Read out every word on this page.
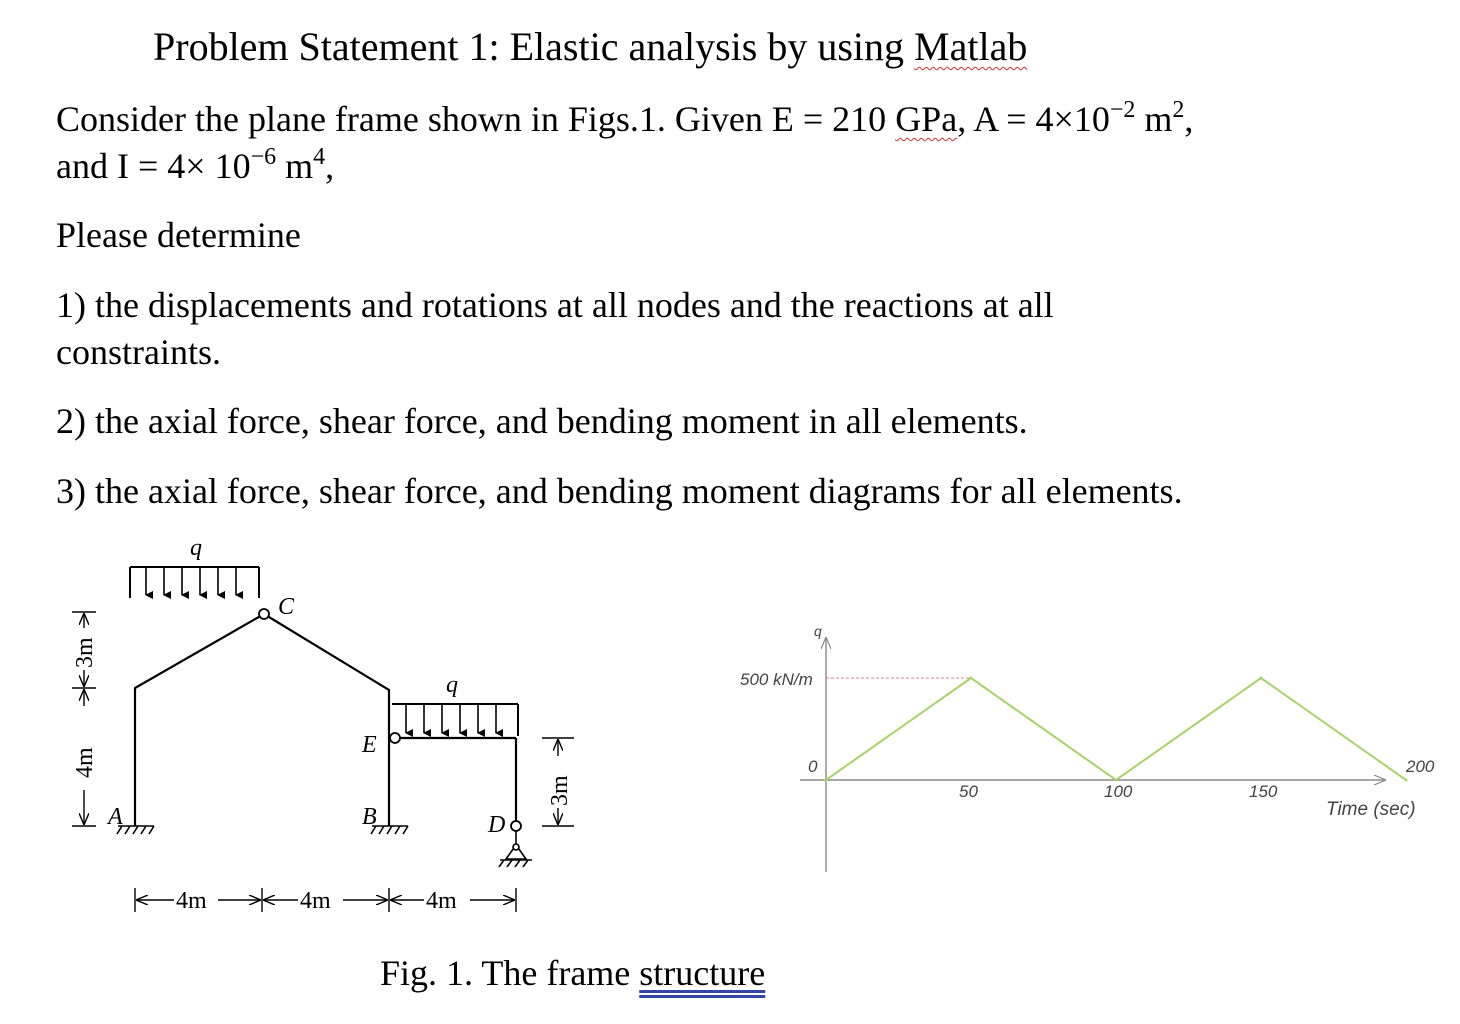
Problem Statement 1: Elastic analysis by using Matlab
Consider the plane frame shown in Figs.1. Given E = 210 GPa, $A = 4\times 10^{-2}$ $m^2$,
and $I = 4\times 10^{-6}$ $m^4$,
Please determine
1) the displacements and rotations at all nodes and the reactions at all
constraints.
2) the axial force, shear force, and bending moment in all elements.
3) the axial force, shear force, and bending moment diagrams for all elements.
q
q
C
A	B	D
E
3m
4m
3m
4m	4m	4m
q
Time (sec)
0
500 kN/m
50	100	150
200
Fig. 1. The frame structure
